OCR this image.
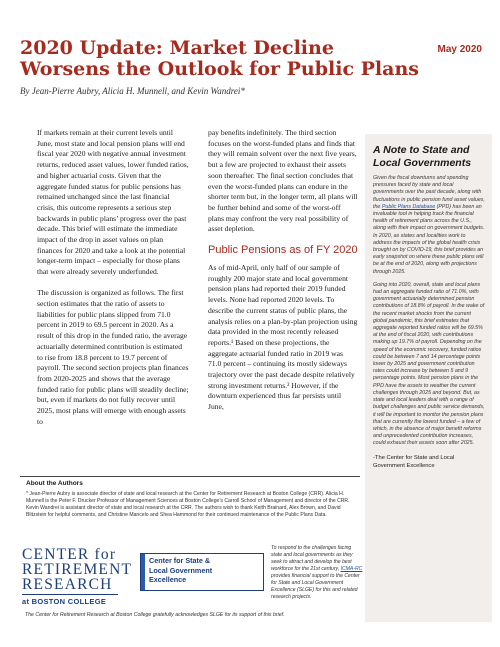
2020 Update: Market Decline Worsens the Outlook for Public Plans
May 2020
By Jean-Pierre Aubry, Alicia H. Munnell, and Kevin Wandrei*

If markets remain at their current levels until June, most state and local pension plans will end fiscal year 2020 with negative annual investment returns, reduced asset values, lower funded ratios, and higher actuarial costs. Given that the aggregate funded status for public pensions has remained unchanged since the last financial crisis, this outcome represents a serious step backwards in public plans’ progress over the past decade. This brief will estimate the immediate impact of the drop in asset values on plan finances for 2020 and take a look at the potential longer-term impact – especially for those plans that were already severely underfunded.

The discussion is organized as follows. The first section estimates that the ratio of assets to liabilities for public plans slipped from 71.0 percent in 2019 to 69.5 percent in 2020. As a result of this drop in the funded ratio, the average actuarially determined contribution is estimated to rise from 18.8 percent to 19.7 percent of payroll. The second section projects plan finances from 2020-2025 and shows that the average funded ratio for public plans will steadily decline; but, even if markets do not fully recover until 2025, most plans will emerge with enough assets to

pay benefits indefinitely. The third section focuses on the worst-funded plans and finds that they will remain solvent over the next five years, but a few are projected to exhaust their assets soon thereafter. The final section concludes that even the worst-funded plans can endure in the shorter term but, in the longer term, all plans will be further behind and some of the worst-off plans may confront the very real possibility of asset depletion.

Public Pensions as of FY 2020

As of mid-April, only half of our sample of roughly 200 major state and local government pension plans had reported their 2019 funded levels. None had reported 2020 levels. To describe the current status of public plans, the analysis relies on a plan-by-plan projection using data provided in the most recently released reports.¹ Based on these projections, the aggregate actuarial funded ratio in 2019 was 71.0 percent – continuing its mostly sideways trajectory over the past decade despite relatively strong investment returns.² However, if the downturn experienced thus far persists until June,

A Note to State and Local Governments

Given the fiscal downturns and spending pressures faced by state and local governments over the past decade, along with fluctuations in public pension fund asset values, the Public Plans Database (PPD) has been an invaluable tool in helping track the financial health of retirement plans across the U.S., along with their impact on government budgets. In 2020, as states and localities work to address the impacts of the global health crisis brought on by COVID-19, this brief provides an early snapshot on where these public plans will be at the end of 2020, along with projections through 2025.

Going into 2020, overall, state and local plans had an aggregate funded ratio of 71.0%, with government actuarially determined pension contributions of 18.8% of payroll. In the wake of the recent market shocks from the current global pandemic, this brief estimates that aggregate reported funded ratios will be 69.5% at the end of fiscal 2020, with contributions making up 19.7% of payroll. Depending on the speed of the economic recovery, funded ratios could be between 7 and 14 percentage points lower by 2025 and government contribution rates could increase by between 5 and 9 percentage points. Most pension plans in the PPD have the assets to weather the current challenges through 2025 and beyond. But, as state and local leaders deal with a range of budget challenges and public service demands, it will be important to monitor the pension plans that are currently the lowest funded – a few of which, in the absence of major benefit reforms and unprecedented contribution increases, could exhaust their assets soon after 2025.

-The Center for State and Local Government Excellence

About the Authors
* Jean-Pierre Aubry is associate director of state and local research at the Center for Retirement Research at Boston College (CRR). Alicia H. Munnell is the Peter F. Drucker Professor of Management Sciences at Boston College’s Carroll School of Management and director of the CRR. Kevin Wandrei is assistant director of state and local research at the CRR. The authors wish to thank Keith Brainard, Alex Brown, and David Blitzstein for helpful comments, and Christine Mancelo and Shea Hammond for their continued maintenance of the Public Plans Data.
CENTER for
RETIREMENT
RESEARCH
at BOSTON COLLEGE
Center for State &
Local Government
Excellence
To respond to the challenges facing state and local governments as they seek to attract and develop the best workforce for the 21st century, ICMA-RC provides financial support to the Center for State and Local Government Excellence (SLGE) for this and related research projects.
The Center for Retirement Research at Boston College gratefully acknowledges SLGE for its support of this brief.
